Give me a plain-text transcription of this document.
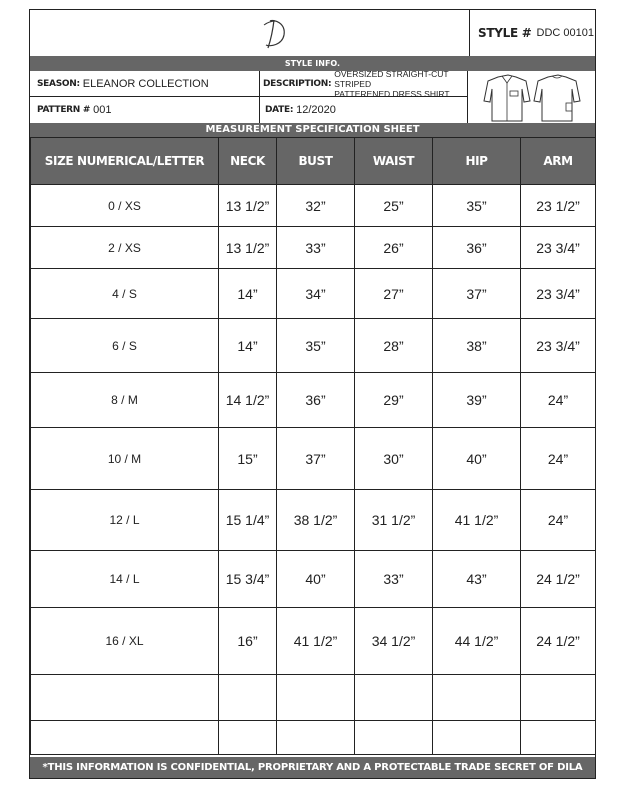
STYLE # DDC 00101
STYLE INFO.
SEASON: ELEANOR COLLECTION
PATTERN # 001
DESCRIPTION:
OVERSIZED STRAIGHT-CUT STRIPED
PATTERENED DRESS SHIRT
DATE: 12/2020
MEASUREMENT SPECIFICATION SHEET
SIZE NUMERICAL/LETTER	NECK	BUST	WAIST	HIP	ARM
0 / XS	13 1/2”	32”	25”	35”	23 1/2”
2 / XS	13 1/2”	33”	26”	36”	23 3/4”
4 / S	14”	34”	27”	37”	23 3/4”
6 / S	14”	35”	28”	38”	23 3/4”
8 / M	14 1/2”	36”	29”	39”	24”
10 / M	15”	37”	30”	40”	24”
12 / L	15 1/4”	38 1/2”	31 1/2”	41 1/2”	24”
14 / L	15 3/4”	40”	33”	43”	24 1/2”
16 / XL	16”	41 1/2”	34 1/2”	44 1/2”	24 1/2”

*THIS INFORMATION IS CONFIDENTIAL, PROPRIETARY AND A PROTECTABLE TRADE SECRET OF DILA DESIGNS.CO*
